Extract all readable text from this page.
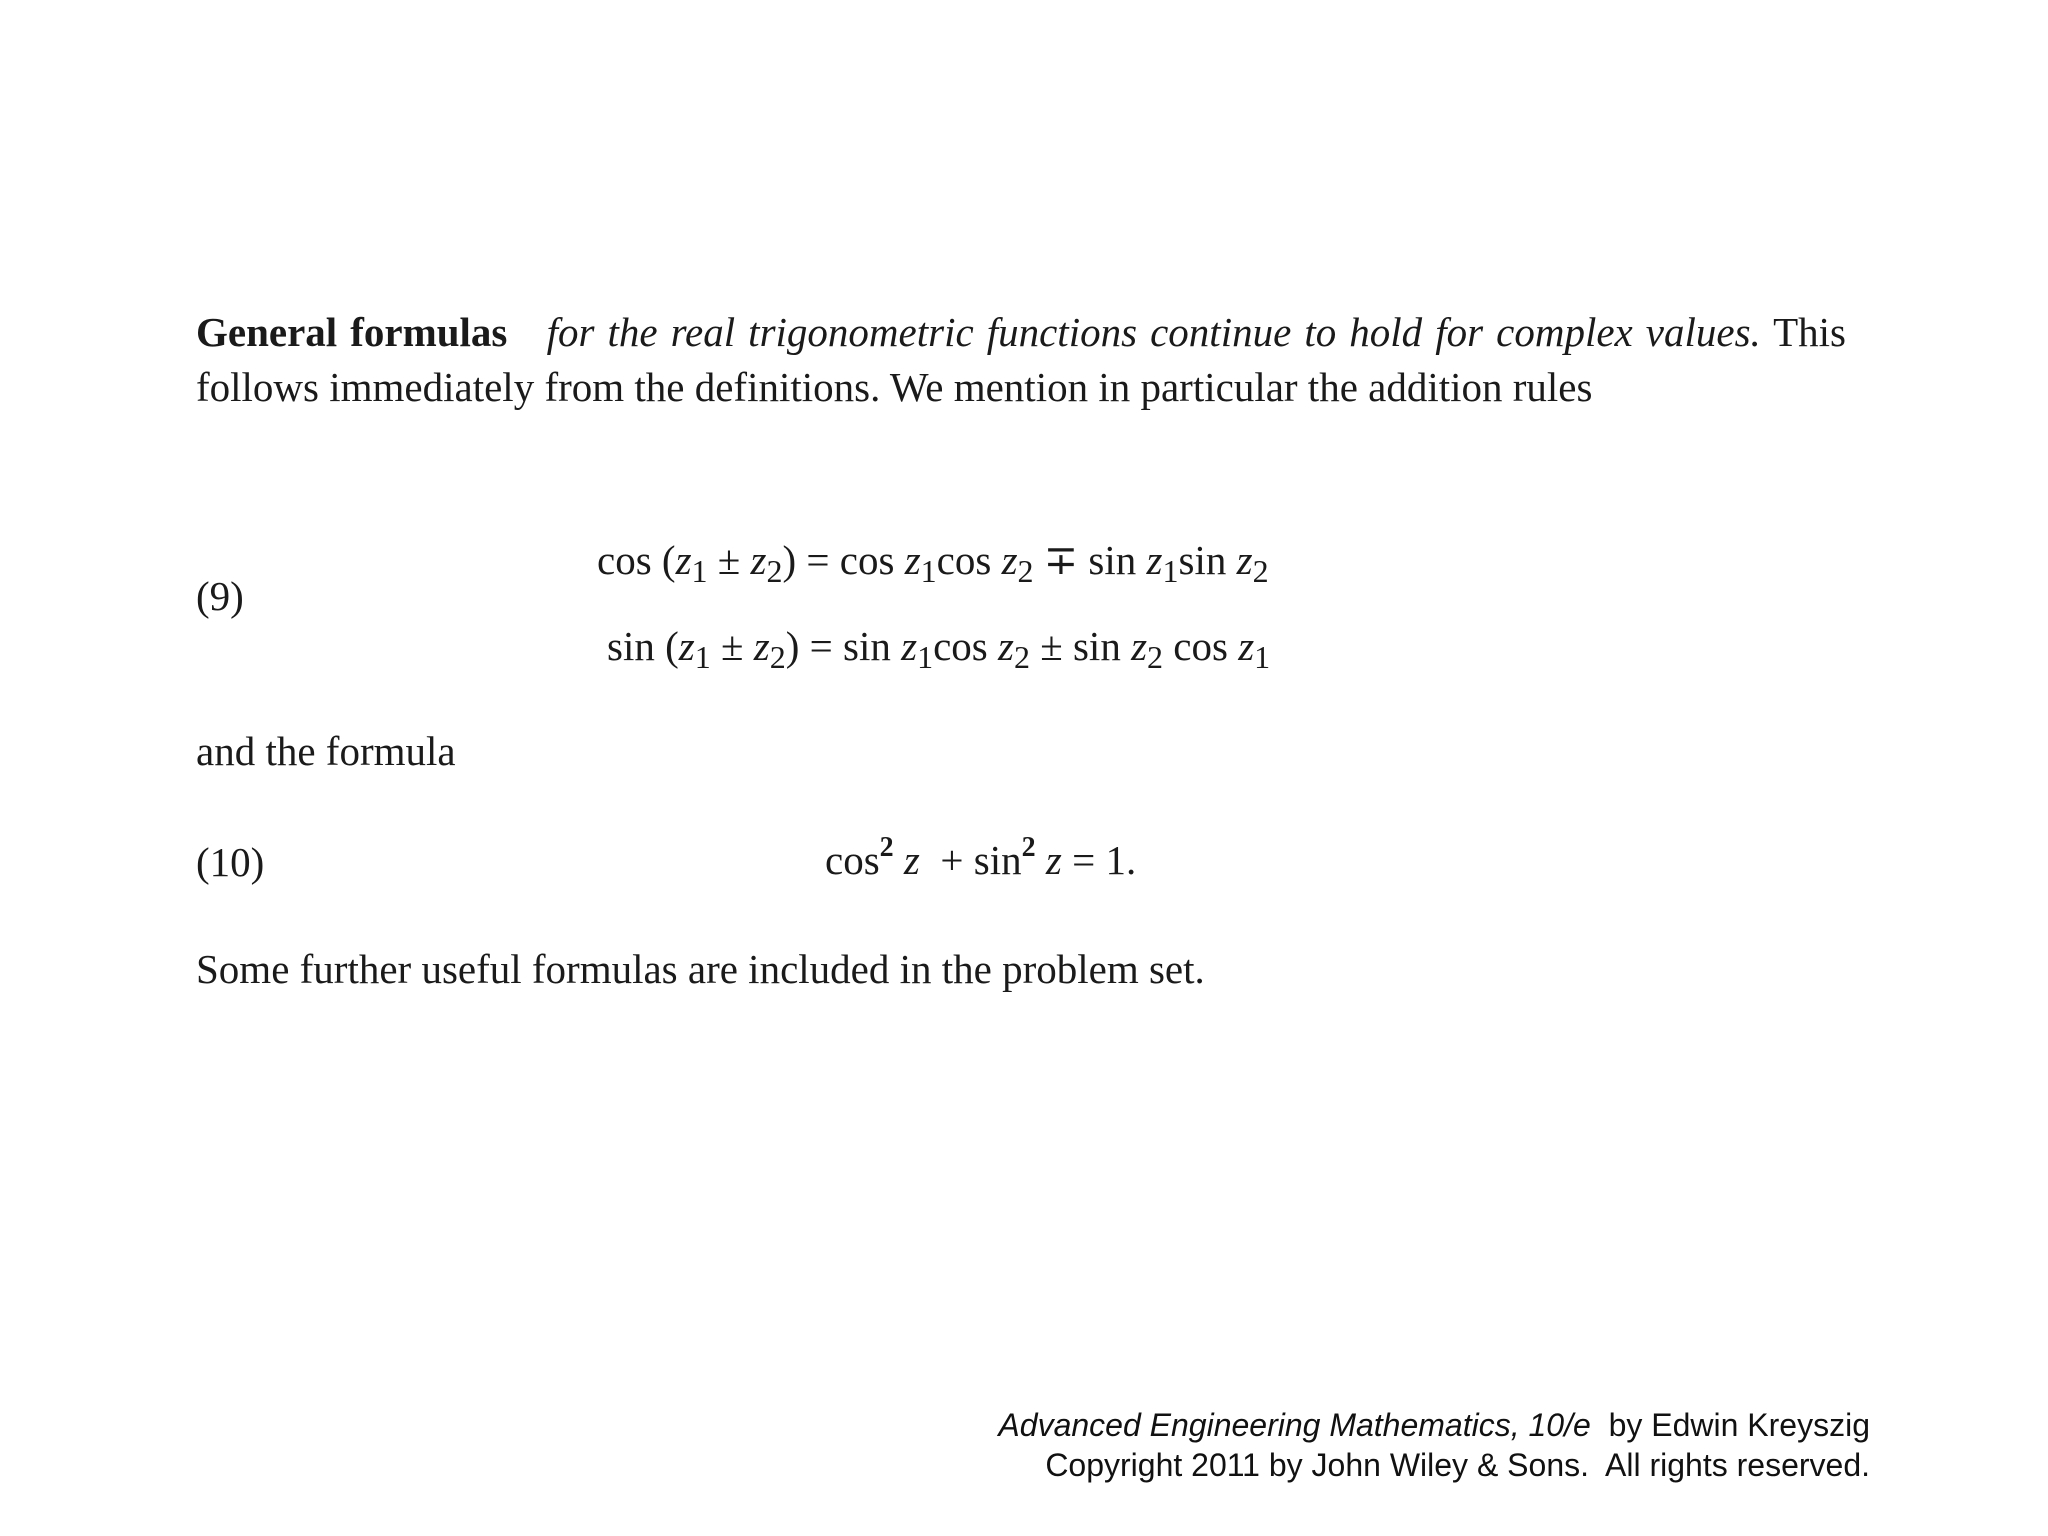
General formulas for the real trigonometric functions continue to hold for complex values. This follows immediately from the definitions. We mention in particular the addition rules
(9)
$\cos (z_1 \pm z_2) = \cos z_1\cos$ $z_2 \mp \sin z_1\sin$ $z_2$
$\sin (z_1 \pm z_2) = \sin z_1\cos$ $z_2 \pm \sin z_2$ $\cos z_1$
and the formula
(10)	$\cos^2 z + \sin^2 z = 1$.
Some further useful formulas are included in the problem set.
Advanced Engineering Mathematics, 10/e  by Edwin Kreyszig
Copyright 2011 by John Wiley & Sons.  All rights reserved.
